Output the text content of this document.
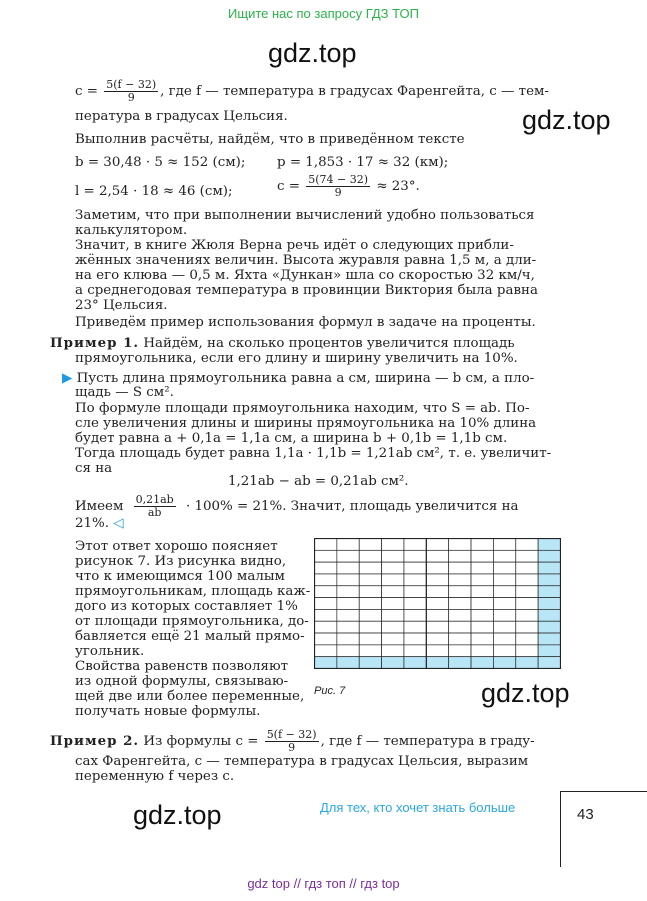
Ищите нас по запросу ГДЗ ТОП
gdz.top
gdz.top
gdz.top
gdz.top
$c = \frac{5(f - 32)}{9}$ , где f — температура в градусах Фаренгейта, c — тем-
пература в градусах Цельсия.
Выполнив расчёты, найдём, что в приведённом тексте
b = 30,48 · 5 ≈ 152 (см); p = 1,853 · 17 ≈ 32 (км);
l = 2,54 · 18 ≈ 46 (см);	$c = \frac{5(74 - 32)}{9} \approx 23^\circ$.
Заметим, что при выполнении вычислений удобно пользоваться
калькулятором.
Значит, в книге Жюля Верна речь идёт о следующих прибли-
жённых значениях величин. Высота журавля равна 1,5 м, а дли-
на его клюва — 0,5 м. Яхта «Дункан» шла со скоростью 32 км/ч,
а среднегодовая температура в провинции Виктория была равна
23° Цельсия.
Приведём пример использования формул в задаче на проценты.
Пример 1. Найдём, на сколько процентов увеличится площадь
прямоугольника, если его длину и ширину увеличить на 10%.
▶ Пусть длина прямоугольника равна a см, ширина — b см, а пло-
щадь — S см².
По формуле площади прямоугольника находим, что S = ab. По-
сле увеличения длины и ширины прямоугольника на 10% длина
будет равна a + 0,1a = 1,1a см, а ширина b + 0,1b = 1,1b см.
Тогда площадь будет равна 1,1a · 1,1b = 1,21ab см², т. е. увеличит-
ся на
1,21ab − ab = 0,21ab см².
Имеем $\frac{0,21ab}{ab} \cdot 100\% = 21\%$. Значит, площадь увеличится на
21%. ◁
Этот ответ хорошо поясняет
рисунок 7. Из рисунка видно,
что к имеющимся 100 малым
прямоугольникам, площадь каж-
дого из которых составляет 1%
от площади прямоугольника, до-
бавляется ещё 21 малый прямо-
угольник.
Свойства равенств позволяют
из одной формулы, связываю-
щей две или более переменные,
получать новые формулы.
Рис. 7
Пример 2. Из формулы $c = \frac{5(f - 32)}{9}$ , где f — температура в граду-
сах Фаренгейта, c — температура в градусах Цельсия, выразим
переменную f через c.
Для тех, кто хочет знать больше	43
gdz top // гдз топ // гдз top
